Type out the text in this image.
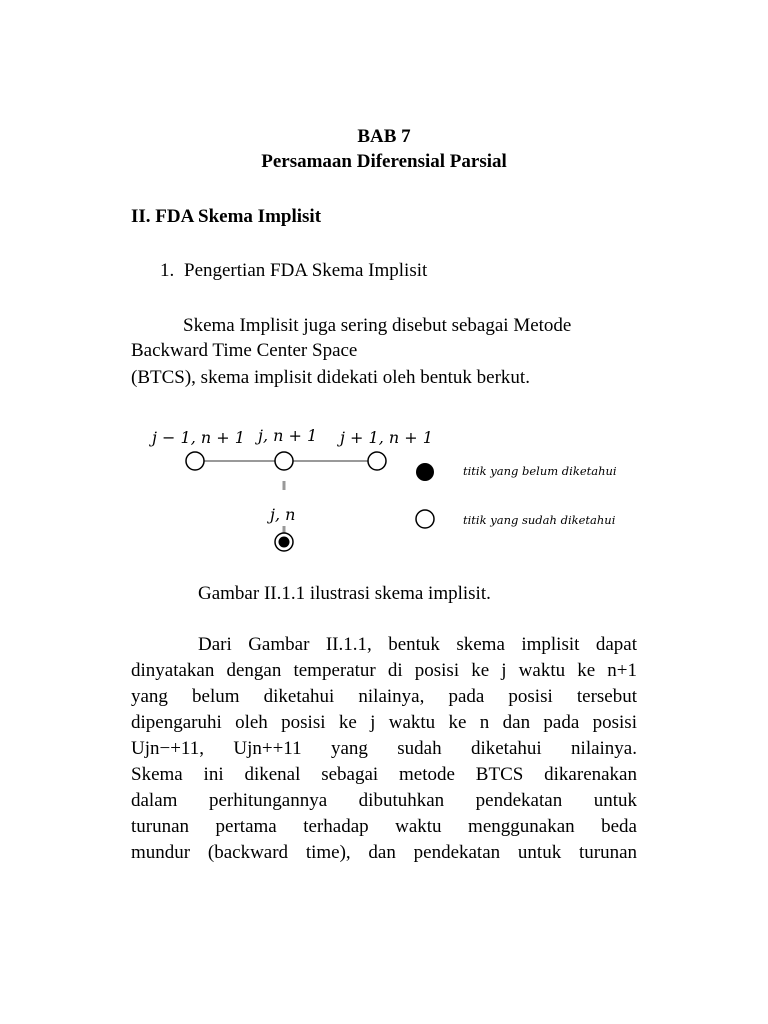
BAB 7
Persamaan Diferensial Parsial
II. FDA Skema Implisit
1. Pengertian FDA Skema Implisit
Skema Implisit juga sering disebut sebagai Metode
Backward Time Center Space
(BTCS), skema implisit didekati oleh bentuk berkut.
j − 1, n + 1 j, n + 1 j + 1, n + 1
j, n
titik yang belum diketahui
titik yang sudah diketahui
Gambar II.1.1 ilustrasi skema implisit.

Dari Gambar II.1.1, bentuk skema implisit dapat
dinyatakan dengan temperatur di posisi ke j waktu ke n+1
yang belum diketahui nilainya, pada posisi tersebut
dipengaruhi oleh posisi ke j waktu ke n dan pada posisi
Ujn−+11, Ujn++11 yang sudah diketahui nilainya.
Skema ini dikenal sebagai metode BTCS dikarenakan
dalam perhitungannya dibutuhkan pendekatan untuk
turunan pertama terhadap waktu menggunakan beda
mundur (backward time), dan pendekatan untuk turunan
